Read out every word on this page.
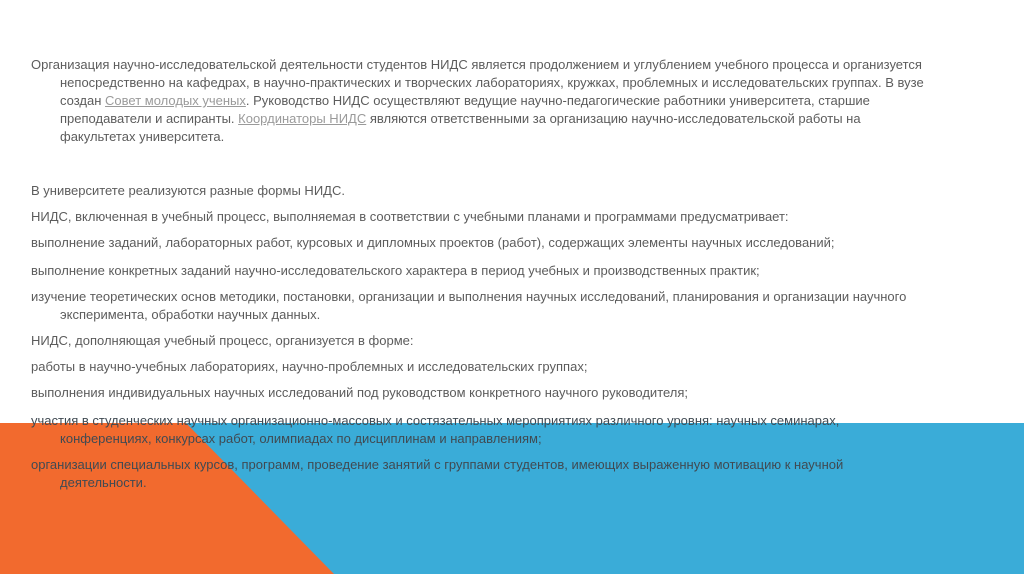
Организация научно-исследовательской деятельности студентов НИДС является продолжением и углублением учебного процесса и организуется непосредственно на кафедрах, в научно-практических и творческих лабораториях, кружках, проблемных и исследовательских группах. В вузе создан Совет молодых ученых. Руководство НИДС осуществляют ведущие научно-педагогические работники университета, старшие преподаватели и аспиранты. Координаторы НИДС являются ответственными за организацию научно-исследовательской работы на факультетах университета.

В университете реализуются разные формы НИДС.

НИДС, включенная в учебный процесс, выполняемая в соответствии с учебными планами и программами предусматривает:

выполнение заданий, лабораторных работ, курсовых и дипломных проектов (работ), содержащих элементы научных исследований;

выполнение конкретных заданий научно-исследовательского характера в период учебных и производственных практик;

изучение теоретических основ методики, постановки, организации и выполнения научных исследований, планирования и организации научного эксперимента, обработки научных данных.

НИДС, дополняющая учебный процесс, организуется в форме:

работы в научно-учебных лабораториях, научно-проблемных и исследовательских группах;

выполнения индивидуальных научных исследований под руководством конкретного научного руководителя;

участия в студенческих научных организационно-массовых и состязательных мероприятиях различного уровня: научных семинарах, конференциях, конкурсах работ, олимпиадах по дисциплинам и направлениям;

организации специальных курсов, программ, проведение занятий с группами студентов, имеющих выраженную мотивацию к научной деятельности.
